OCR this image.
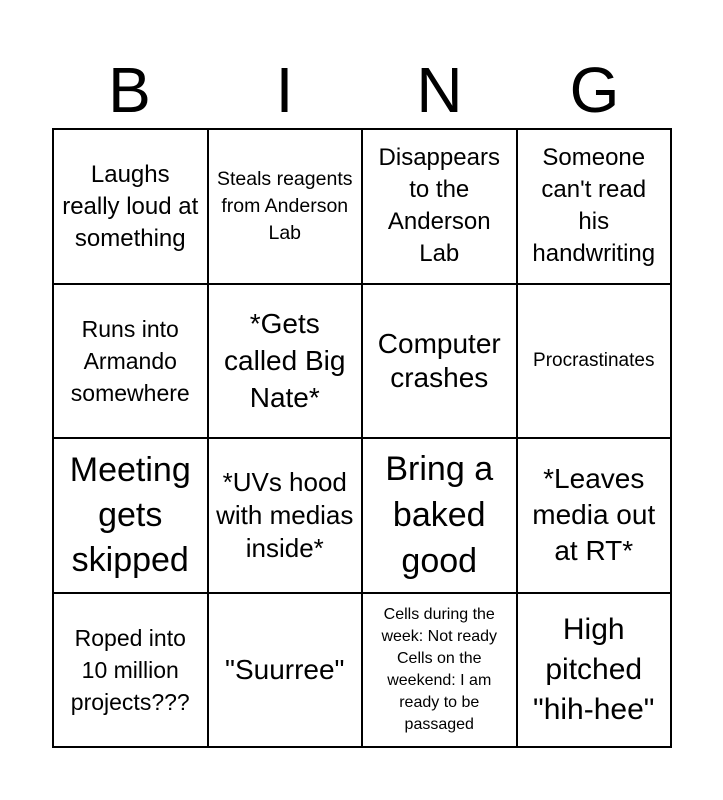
B	I	N	G
Laughs really loud at something
Steals reagents from Anderson Lab
Disappears to the Anderson Lab
Someone can't read his handwriting
Runs into Armando somewhere
*Gets called Big Nate*
Computer crashes
Procrastinates
Meeting gets skipped
*UVs hood with medias inside*
Bring a baked good
*Leaves media out at RT*
Roped into 10 million projects???
"Suurree"
Cells during the week: Not ready Cells on the weekend: I am ready to be passaged
High pitched "hih-hee"
